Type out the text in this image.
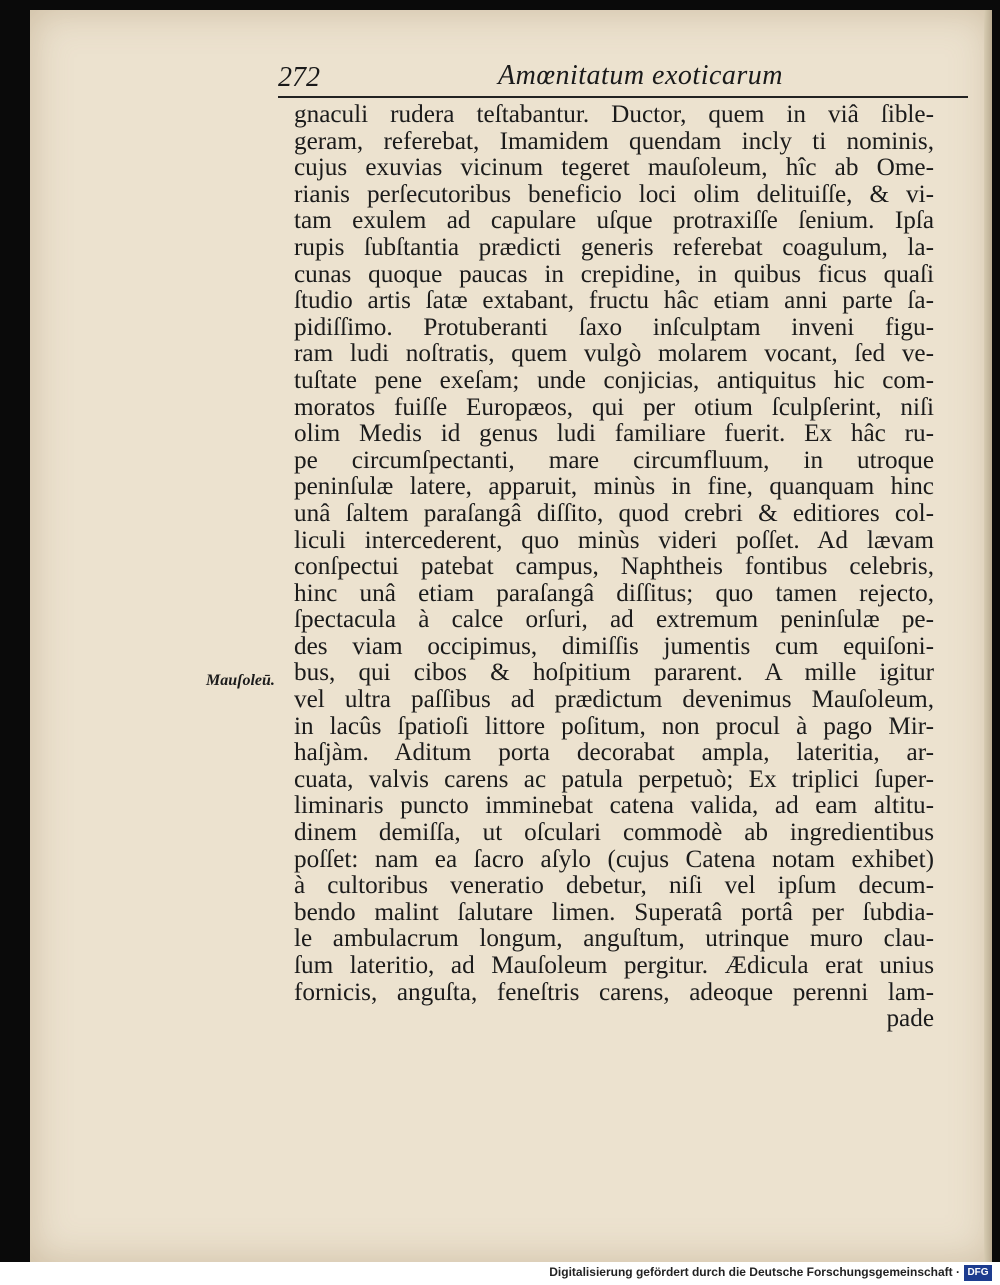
272	Amœnitatum exoticarum
Mauſoleū.
gnaculi rudera teſtabantur. Ductor, quem in viâ ſible-
geram, referebat, Imamidem quendam incly ti nominis,
cujus exuvias vicinum tegeret mauſoleum, hîc ab Ome-
rianis perſecutoribus beneficio loci olim delituiſſe, & vi-
tam exulem ad capulare uſque protraxiſſe ſenium. Ipſa
rupis ſubſtantia prædicti generis referebat coagulum, la-
cunas quoque paucas in crepidine, in quibus ficus quaſi
ſtudio artis ſatæ extabant, fructu hâc etiam anni parte ſa-
pidiſſimo. Protuberanti ſaxo inſculptam inveni figu-
ram ludi noſtratis, quem vulgò molarem vocant, ſed ve-
tuſtate pene exeſam; unde conjicias, antiquitus hic com-
moratos fuiſſe Europæos, qui per otium ſculpſerint, niſi
olim Medis id genus ludi familiare fuerit. Ex hâc ru-
pe circumſpectanti, mare circumfluum, in utroque
peninſulæ latere, apparuit, minùs in fine, quanquam hinc
unâ ſaltem paraſangâ diſſito, quod crebri & editiores col-
liculi intercederent, quo minùs videri poſſet. Ad lævam
conſpectui patebat campus, Naphtheis fontibus celebris,
hinc unâ etiam paraſangâ diſſitus; quo tamen rejecto,
ſpectacula à calce orſuri, ad extremum peninſulæ pe-
des viam occipimus, dimiſſis jumentis cum equiſoni-
bus, qui cibos & hoſpitium pararent. A mille igitur
vel ultra paſſibus ad prædictum devenimus Mauſoleum,
in lacûs ſpatioſi littore poſitum, non procul à pago Mir-
haſjàm. Aditum porta decorabat ampla, lateritia, ar-
cuata, valvis carens ac patula perpetuò; Ex triplici ſuper-
liminaris puncto imminebat catena valida, ad eam altitu-
dinem demiſſa, ut oſculari commodè ab ingredientibus
poſſet: nam ea ſacro aſylo (cujus Catena notam exhibet)
à cultoribus veneratio debetur, niſi vel ipſum decum-
bendo malint ſalutare limen. Superatâ portâ per ſubdia-
le ambulacrum longum, anguſtum, utrinque muro clau-
ſum lateritio, ad Mauſoleum pergitur. Ædicula erat unius
fornicis, anguſta, feneſtris carens, adeoque perenni lam-
pade
Digitalisierung gefördert durch die Deutsche Forschungsgemeinschaft · DFG
